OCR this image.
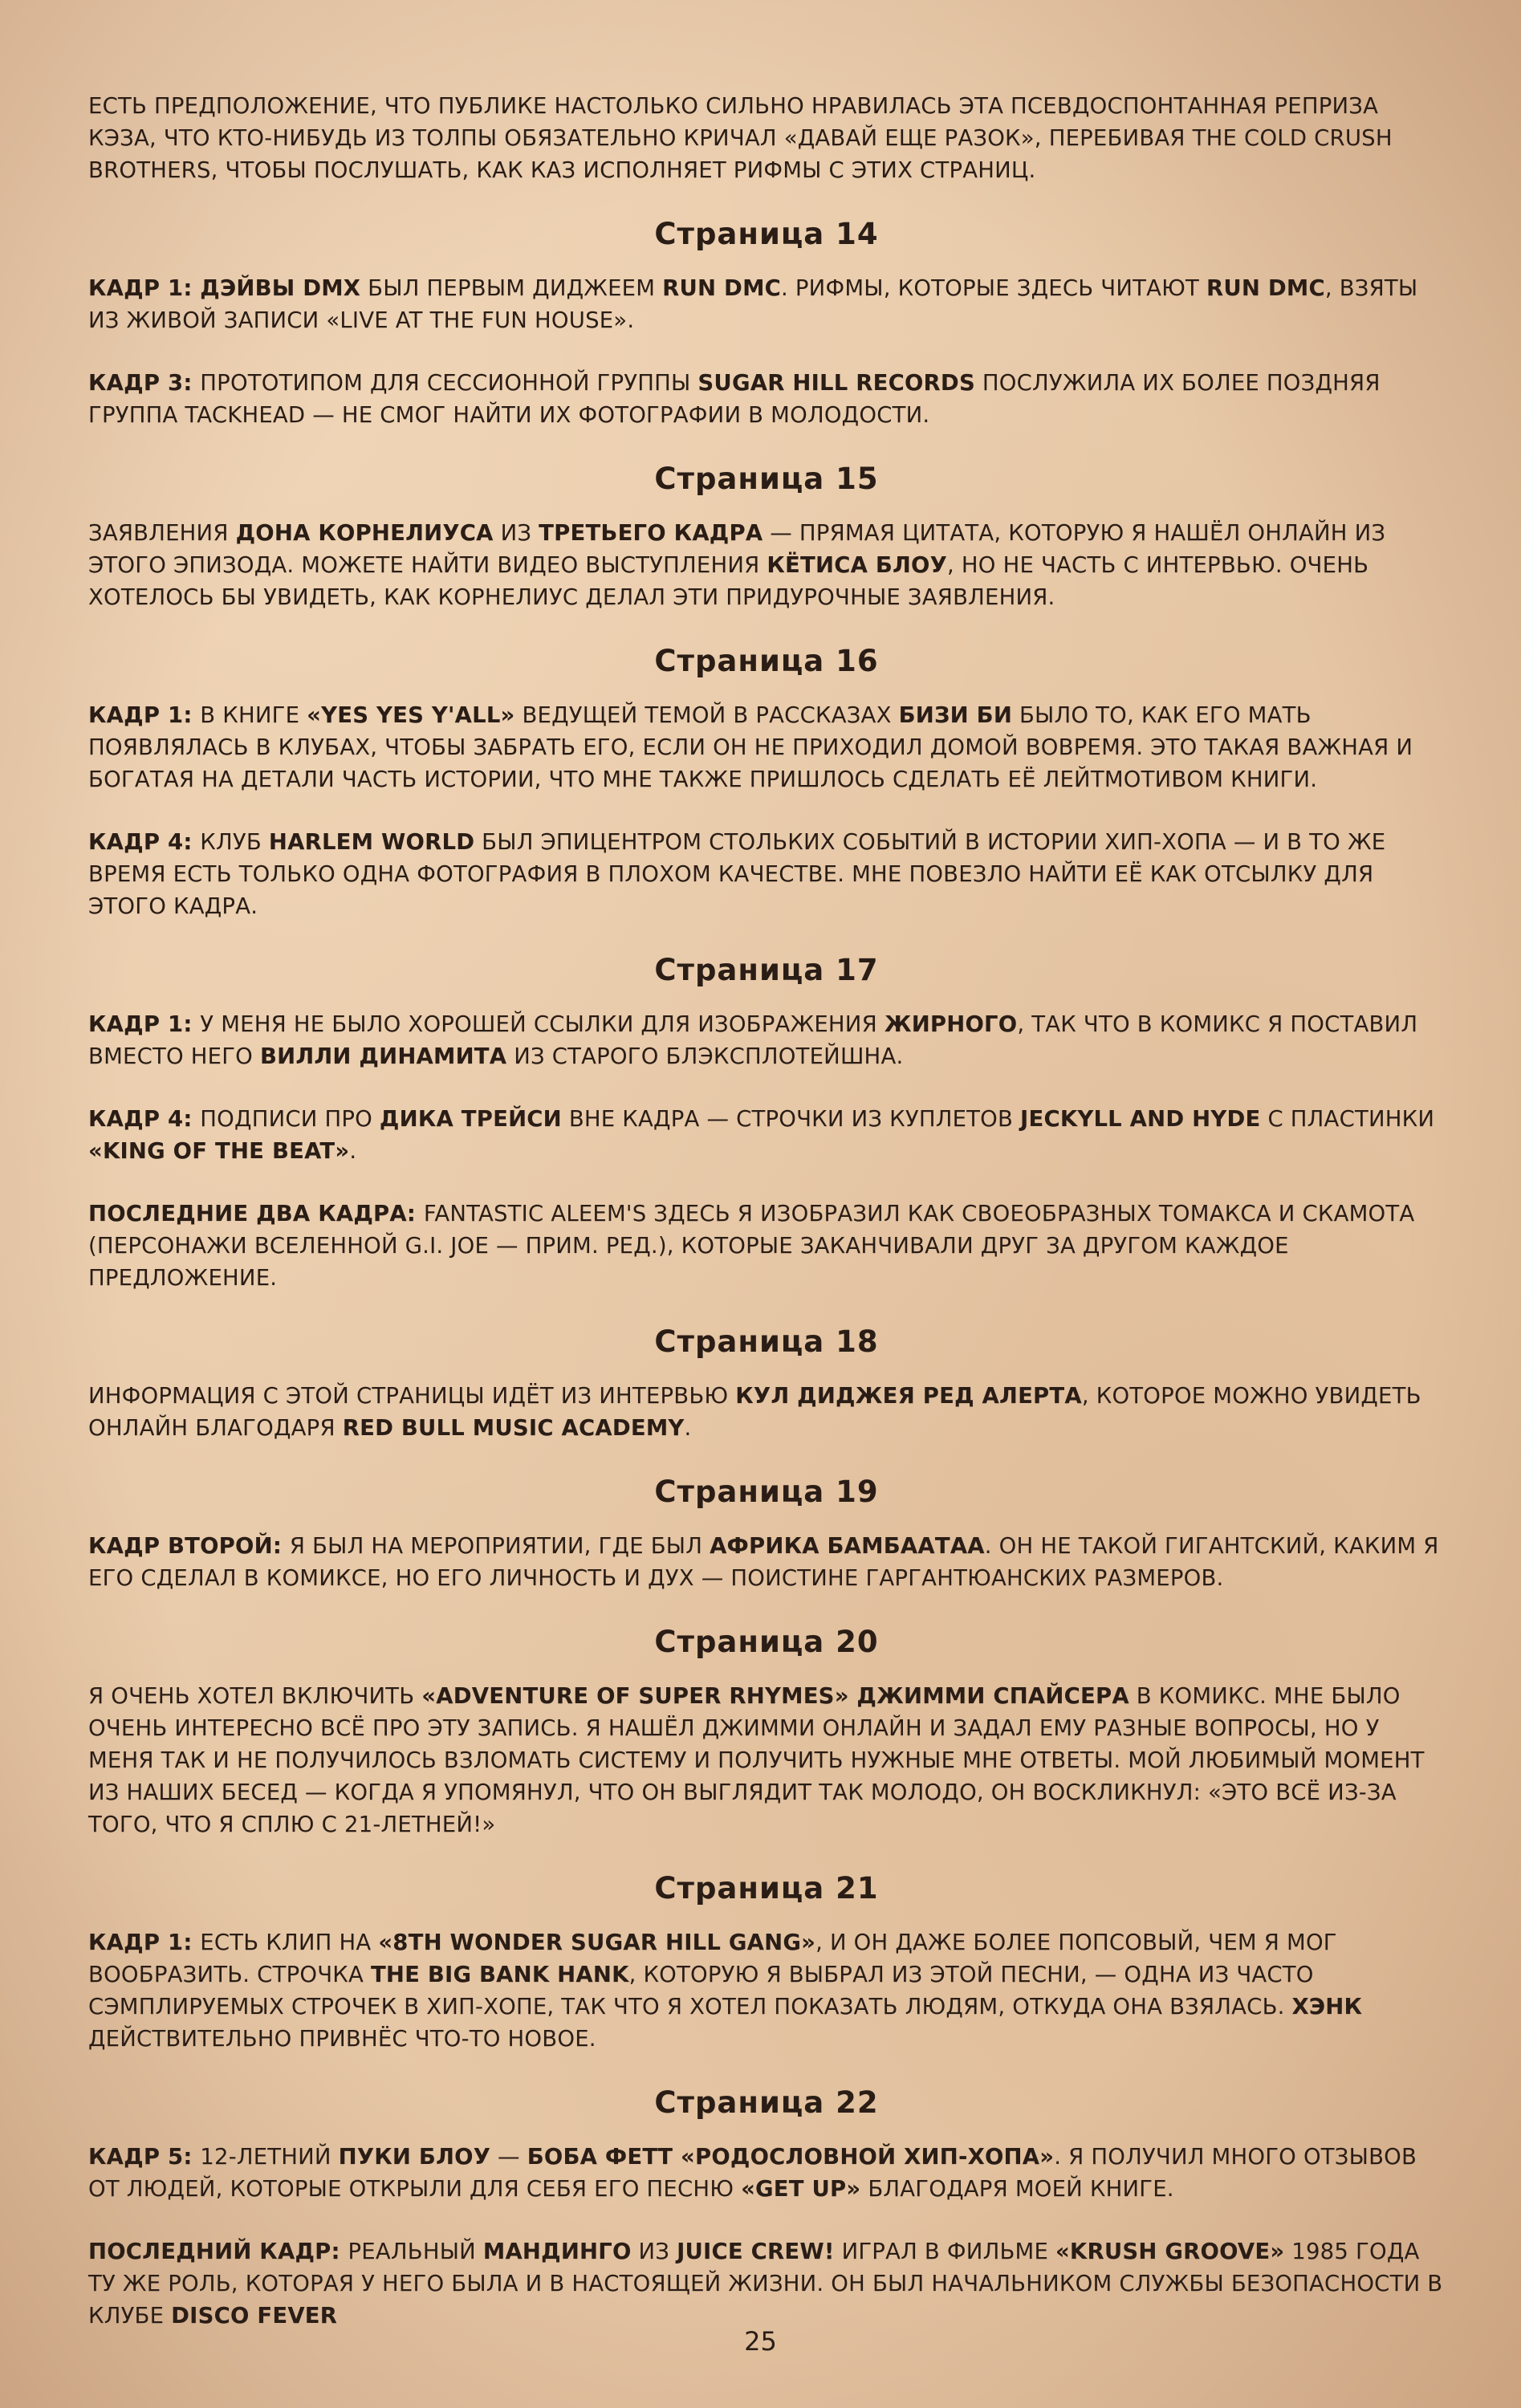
ЕСТЬ ПРЕДПОЛОЖЕНИЕ, ЧТО ПУБЛИКЕ НАСТОЛЬКО СИЛЬНО НРАВИЛАСЬ ЭТА ПСЕВДОСПОНТАННАЯ РЕПРИЗА КЭЗА, ЧТО КТО-НИБУДЬ ИЗ ТОЛПЫ ОБЯЗАТЕЛЬНО КРИЧАЛ «ДАВАЙ ЕЩЕ РАЗОК», ПЕРЕБИВАЯ THE COLD CRUSH BROTHERS, ЧТОБЫ ПОСЛУШАТЬ, КАК КАЗ ИСПОЛНЯЕТ РИФМЫ С ЭТИХ СТРАНИЦ.

Страница 14

КАДР 1: ДЭЙВЫ DMX БЫЛ ПЕРВЫМ ДИДЖЕЕМ RUN DMC. РИФМЫ, КОТОРЫЕ ЗДЕСЬ ЧИТАЮТ RUN DMC, ВЗЯТЫ ИЗ ЖИВОЙ ЗАПИСИ «LIVE AT THE FUN HOUSE».

КАДР 3: ПРОТОТИПОМ ДЛЯ СЕССИОННОЙ ГРУППЫ SUGAR HILL RECORDS ПОСЛУЖИЛА ИХ БОЛЕЕ ПОЗДНЯЯ ГРУППА TACKHEAD — НЕ СМОГ НАЙТИ ИХ ФОТОГРАФИИ В МОЛОДОСТИ.

Страница 15

ЗАЯВЛЕНИЯ ДОНА КОРНЕЛИУСА ИЗ ТРЕТЬЕГО КАДРА — ПРЯМАЯ ЦИТАТА, КОТОРУЮ Я НАШЁЛ ОНЛАЙН ИЗ ЭТОГО ЭПИЗОДА. МОЖЕТЕ НАЙТИ ВИДЕО ВЫСТУПЛЕНИЯ КЁТИСА БЛОУ, НО НЕ ЧАСТЬ С ИНТЕРВЬЮ. ОЧЕНЬ ХОТЕЛОСЬ БЫ УВИДЕТЬ, КАК КОРНЕЛИУС ДЕЛАЛ ЭТИ ПРИДУРОЧНЫЕ ЗАЯВЛЕНИЯ.

Страница 16

КАДР 1: В КНИГЕ «YES YES Y'ALL» ВЕДУЩЕЙ ТЕМОЙ В РАССКАЗАХ БИЗИ БИ БЫЛО ТО, КАК ЕГО МАТЬ ПОЯВЛЯЛАСЬ В КЛУБАХ, ЧТОБЫ ЗАБРАТЬ ЕГО, ЕСЛИ ОН НЕ ПРИХОДИЛ ДОМОЙ ВОВРЕМЯ. ЭТО ТАКАЯ ВАЖНАЯ И БОГАТАЯ НА ДЕТАЛИ ЧАСТЬ ИСТОРИИ, ЧТО МНЕ ТАКЖЕ ПРИШЛОСЬ СДЕЛАТЬ ЕЁ ЛЕЙТМОТИВОМ КНИГИ.

КАДР 4: КЛУБ HARLEM WORLD БЫЛ ЭПИЦЕНТРОМ СТОЛЬКИХ СОБЫТИЙ В ИСТОРИИ ХИП-ХОПА — И В ТО ЖЕ ВРЕМЯ ЕСТЬ ТОЛЬКО ОДНА ФОТОГРАФИЯ В ПЛОХОМ КАЧЕСТВЕ. МНЕ ПОВЕЗЛО НАЙТИ ЕЁ КАК ОТСЫЛКУ ДЛЯ ЭТОГО КАДРА.

Страница 17

КАДР 1: У МЕНЯ НЕ БЫЛО ХОРОШЕЙ ССЫЛКИ ДЛЯ ИЗОБРАЖЕНИЯ ЖИРНОГО, ТАК ЧТО В КОМИКС Я ПОСТАВИЛ ВМЕСТО НЕГО ВИЛЛИ ДИНАМИТА ИЗ СТАРОГО БЛЭКСПЛОТЕЙШНА.

КАДР 4: ПОДПИСИ ПРО ДИКА ТРЕЙСИ ВНЕ КАДРА — СТРОЧКИ ИЗ КУПЛЕТОВ JECKYLL AND HYDE С ПЛАСТИНКИ «KING OF THE BEAT».

ПОСЛЕДНИЕ ДВА КАДРА: FANTASTIC ALEEM'S ЗДЕСЬ Я ИЗОБРАЗИЛ КАК СВОЕОБРАЗНЫХ ТОМАКСА И СКАМОТА (ПЕРСОНАЖИ ВСЕЛЕННОЙ G.I. JOE — ПРИМ. РЕД.), КОТОРЫЕ ЗАКАНЧИВАЛИ ДРУГ ЗА ДРУГОМ КАЖДОЕ ПРЕДЛОЖЕНИЕ.

Страница 18

ИНФОРМАЦИЯ С ЭТОЙ СТРАНИЦЫ ИДЁТ ИЗ ИНТЕРВЬЮ КУЛ ДИДЖЕЯ РЕД АЛЕРТА, КОТОРОЕ МОЖНО УВИДЕТЬ ОНЛАЙН БЛАГОДАРЯ RED BULL MUSIC ACADEMY.

Страница 19

КАДР ВТОРОЙ: Я БЫЛ НА МЕРОПРИЯТИИ, ГДЕ БЫЛ АФРИКА БАМБААТАА. ОН НЕ ТАКОЙ ГИГАНТСКИЙ, КАКИМ Я ЕГО СДЕЛАЛ В КОМИКСЕ, НО ЕГО ЛИЧНОСТЬ И ДУХ — ПОИСТИНЕ ГАРГАНТЮАНСКИХ РАЗМЕРОВ.

Страница 20

Я ОЧЕНЬ ХОТЕЛ ВКЛЮЧИТЬ «ADVENTURE OF SUPER RHYMES» ДЖИММИ СПАЙСЕРА В КОМИКС. МНЕ БЫЛО ОЧЕНЬ ИНТЕРЕСНО ВСЁ ПРО ЭТУ ЗАПИСЬ. Я НАШЁЛ ДЖИММИ ОНЛАЙН И ЗАДАЛ ЕМУ РАЗНЫЕ ВОПРОСЫ, НО У МЕНЯ ТАК И НЕ ПОЛУЧИЛОСЬ ВЗЛОМАТЬ СИСТЕМУ И ПОЛУЧИТЬ НУЖНЫЕ МНЕ ОТВЕТЫ. МОЙ ЛЮБИМЫЙ МОМЕНТ ИЗ НАШИХ БЕСЕД — КОГДА Я УПОМЯНУЛ, ЧТО ОН ВЫГЛЯДИТ ТАК МОЛОДО, ОН ВОСКЛИКНУЛ: «ЭТО ВСЁ ИЗ-ЗА ТОГО, ЧТО Я СПЛЮ С 21-ЛЕТНЕЙ!»

Страница 21

КАДР 1: ЕСТЬ КЛИП НА «8TH WONDER SUGAR HILL GANG», И ОН ДАЖЕ БОЛЕЕ ПОПСОВЫЙ, ЧЕМ Я МОГ ВООБРАЗИТЬ. СТРОЧКА THE BIG BANK HANK, КОТОРУЮ Я ВЫБРАЛ ИЗ ЭТОЙ ПЕСНИ, — ОДНА ИЗ ЧАСТО СЭМПЛИРУЕМЫХ СТРОЧЕК В ХИП-ХОПЕ, ТАК ЧТО Я ХОТЕЛ ПОКАЗАТЬ ЛЮДЯМ, ОТКУДА ОНА ВЗЯЛАСЬ. ХЭНК ДЕЙСТВИТЕЛЬНО ПРИВНЁС ЧТО-ТО НОВОЕ.

Страница 22

КАДР 5: 12-ЛЕТНИЙ ПУКИ БЛОУ — БОБА ФЕТТ «РОДОСЛОВНОЙ ХИП-ХОПА». Я ПОЛУЧИЛ МНОГО ОТЗЫВОВ ОТ ЛЮДЕЙ, КОТОРЫЕ ОТКРЫЛИ ДЛЯ СЕБЯ ЕГО ПЕСНЮ «GET UP» БЛАГОДАРЯ МОЕЙ КНИГЕ.

ПОСЛЕДНИЙ КАДР: РЕАЛЬНЫЙ МАНДИНГО ИЗ JUICE CREW! ИГРАЛ В ФИЛЬМЕ «KRUSH GROOVE» 1985 ГОДА ТУ ЖЕ РОЛЬ, КОТОРАЯ У НЕГО БЫЛА И В НАСТОЯЩЕЙ ЖИЗНИ. ОН БЫЛ НАЧАЛЬНИКОМ СЛУЖБЫ БЕЗОПАСНОСТИ В КЛУБЕ DISCO FEVER

25
